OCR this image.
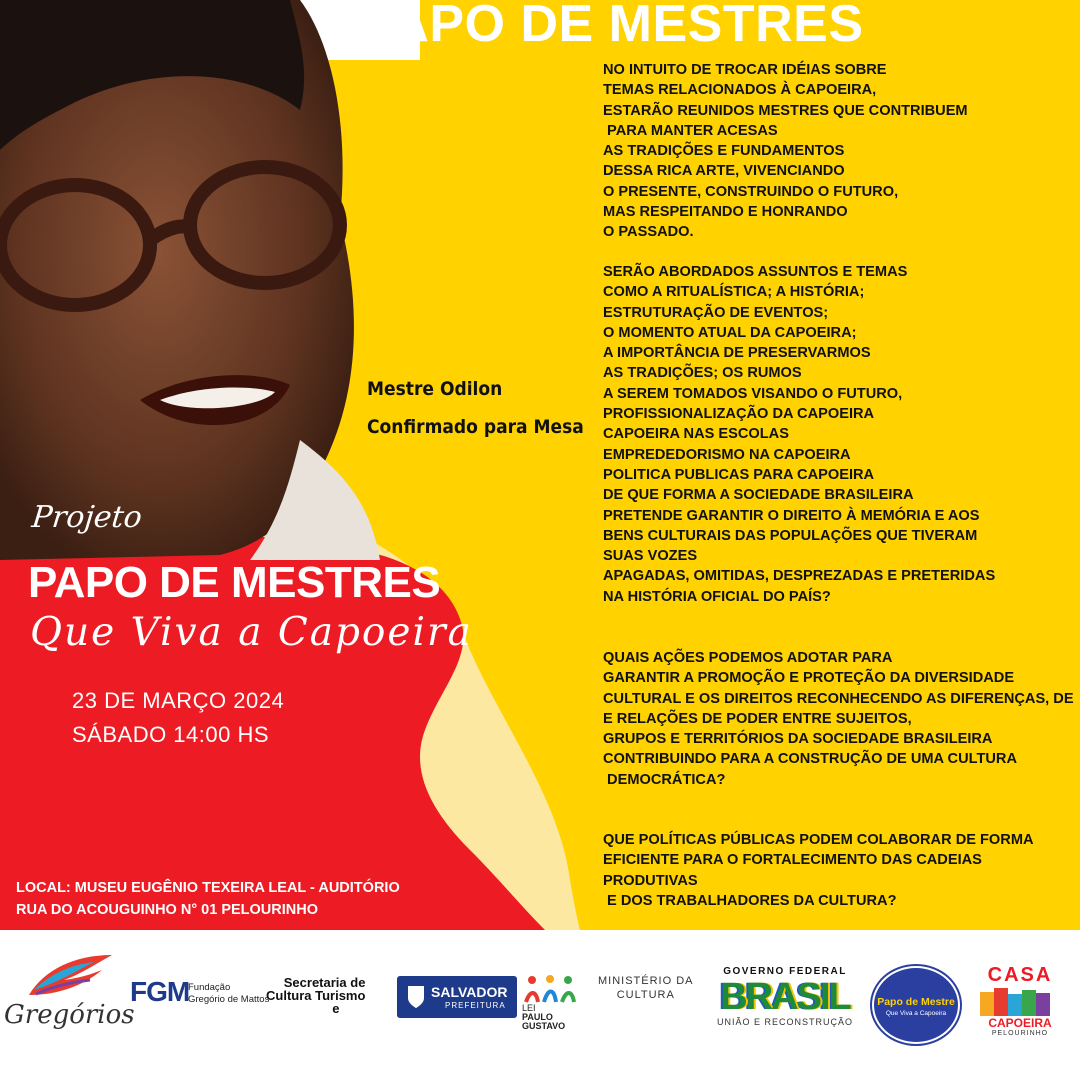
PAPO DE MESTRES
NO INTUITO DE TROCAR IDÉIAS SOBRE
TEMAS RELACIONADOS À CAPOEIRA,
ESTARÃO REUNIDOS MESTRES QUE CONTRIBUEM
PARA MANTER ACESAS
AS TRADIÇÕES E FUNDAMENTOS
DESSA RICA ARTE, VIVENCIANDO
O PRESENTE, CONSTRUINDO O FUTURO,
MAS RESPEITANDO E HONRANDO
O PASSADO.
SERÃO ABORDADOS ASSUNTOS E TEMAS
COMO A RITUALÍSTICA; A HISTÓRIA;
ESTRUTURAÇÃO DE EVENTOS;
O MOMENTO ATUAL DA CAPOEIRA;
A IMPORTÂNCIA DE PRESERVARMOS
AS TRADIÇÕES; OS RUMOS
A SEREM TOMADOS VISANDO O FUTURO,
PROFISSIONALIZAÇÃO DA CAPOEIRA
CAPOEIRA NAS ESCOLAS
EMPREDEDORISMO NA CAPOEIRA
POLITICA PUBLICAS PARA CAPOEIRA
DE QUE FORMA A SOCIEDADE BRASILEIRA
PRETENDE GARANTIR O DIREITO À MEMÓRIA E AOS
BENS CULTURAIS DAS POPULAÇÕES QUE TIVERAM
SUAS VOZES
APAGADAS, OMITIDAS, DESPREZADAS E PRETERIDAS
NA HISTÓRIA OFICIAL DO PAÍS?
QUAIS AÇÕES PODEMOS ADOTAR PARA
GARANTIR A PROMOÇÃO E PROTEÇÃO DA DIVERSIDADE
CULTURAL E OS DIREITOS RECONHECENDO AS DIFERENÇAS, DE
E RELAÇÕES DE PODER ENTRE SUJEITOS,
GRUPOS E TERRITÓRIOS DA SOCIEDADE BRASILEIRA
CONTRIBUINDO PARA A CONSTRUÇÃO DE UMA CULTURA
DEMOCRÁTICA?
QUE POLÍTICAS PÚBLICAS PODEM COLABORAR DE FORMA
EFICIENTE PARA O FORTALECIMENTO DAS CADEIAS
PRODUTIVAS
E DOS TRABALHADORES DA CULTURA?
Mestre Odilon
Confirmado para Mesa
Projeto
PAPO DE MESTRES
Que Viva a Capoeira
23 DE MARÇO 2024
SÁBADO 14:00 HS
LOCAL: MUSEU EUGÊNIO TEXEIRA LEAL - AUDITÓRIO
RUA DO ACOUGUINHO N° 01 PELOURINHO
Gregórios
FGM
Fundação
Gregório de Mattos
Secretaria de
Cultura Turismo
e
SALVADOR
PREFEITURA LEI
PAULO
GUSTAVO
MINISTÉRIO DA
CULTURA
GOVERNO FEDERAL
BRASIL
UNIÃO E RECONSTRUÇÃO
Papo de Mestre
Que Viva a Capoeira
CASA
CAPOEIRA
PELOURINHO
